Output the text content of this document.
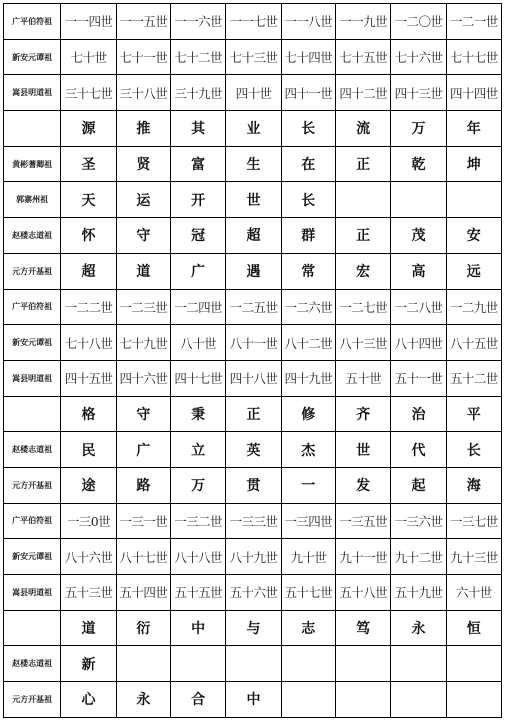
广平伯符祖	一一四世	一一五世	一一六世	一一七世	一一八世	一一九世	一二〇世	一二一世
新安元谭祖	七十世	七十一世	七十二世	七十三世	七十四世	七十五世	七十六世	七十七世
嵩县明道祖	三十七世	三十八世	三十九世	四十世	四十一世	四十二世	四十三世	四十四世
	源	推	其	业	长	流	万	年
黄彬蓍卿祖	圣	贤	富	生	在	正	乾	坤
郭寨州祖	天	运	开	世	长			
赵楼志道祖	怀	守	冠	超	群	正	茂	安
元方开基祖	超	道	广	遇	常	宏	高	远
广平伯符祖	一二二世	一二三世	一二四世	一二五世	一二六世	一二七世	一二八世	一二九世
新安元谭祖	七十八世	七十九世	八十世	八十一世	八十二世	八十三世	八十四世	八十五世
嵩县明道祖	四十五世	四十六世	四十七世	四十八世	四十九世	五十世	五十一世	五十二世
	格	守	秉	正	修	齐	治	平
赵楼志道祖	民	广	立	英	杰	世	代	长
元方开基祖	途	路	万	贯	一	发	起	海
广平伯符祖	一三0世	一三一世	一三二世	一三三世	一三四世	一三五世	一三六世	一三七世
新安元谭祖	八十六世	八十七世	八十八世	八十九世	九十世	九十一世	九十二世	九十三世
嵩县明道祖	五十三世	五十四世	五十五世	五十六世	五十七世	五十八世	五十九世	六十世
	道	衍	中	与	志	笃	永	恒
赵楼志道祖	新							
元方开基祖	心	永	合	中				
